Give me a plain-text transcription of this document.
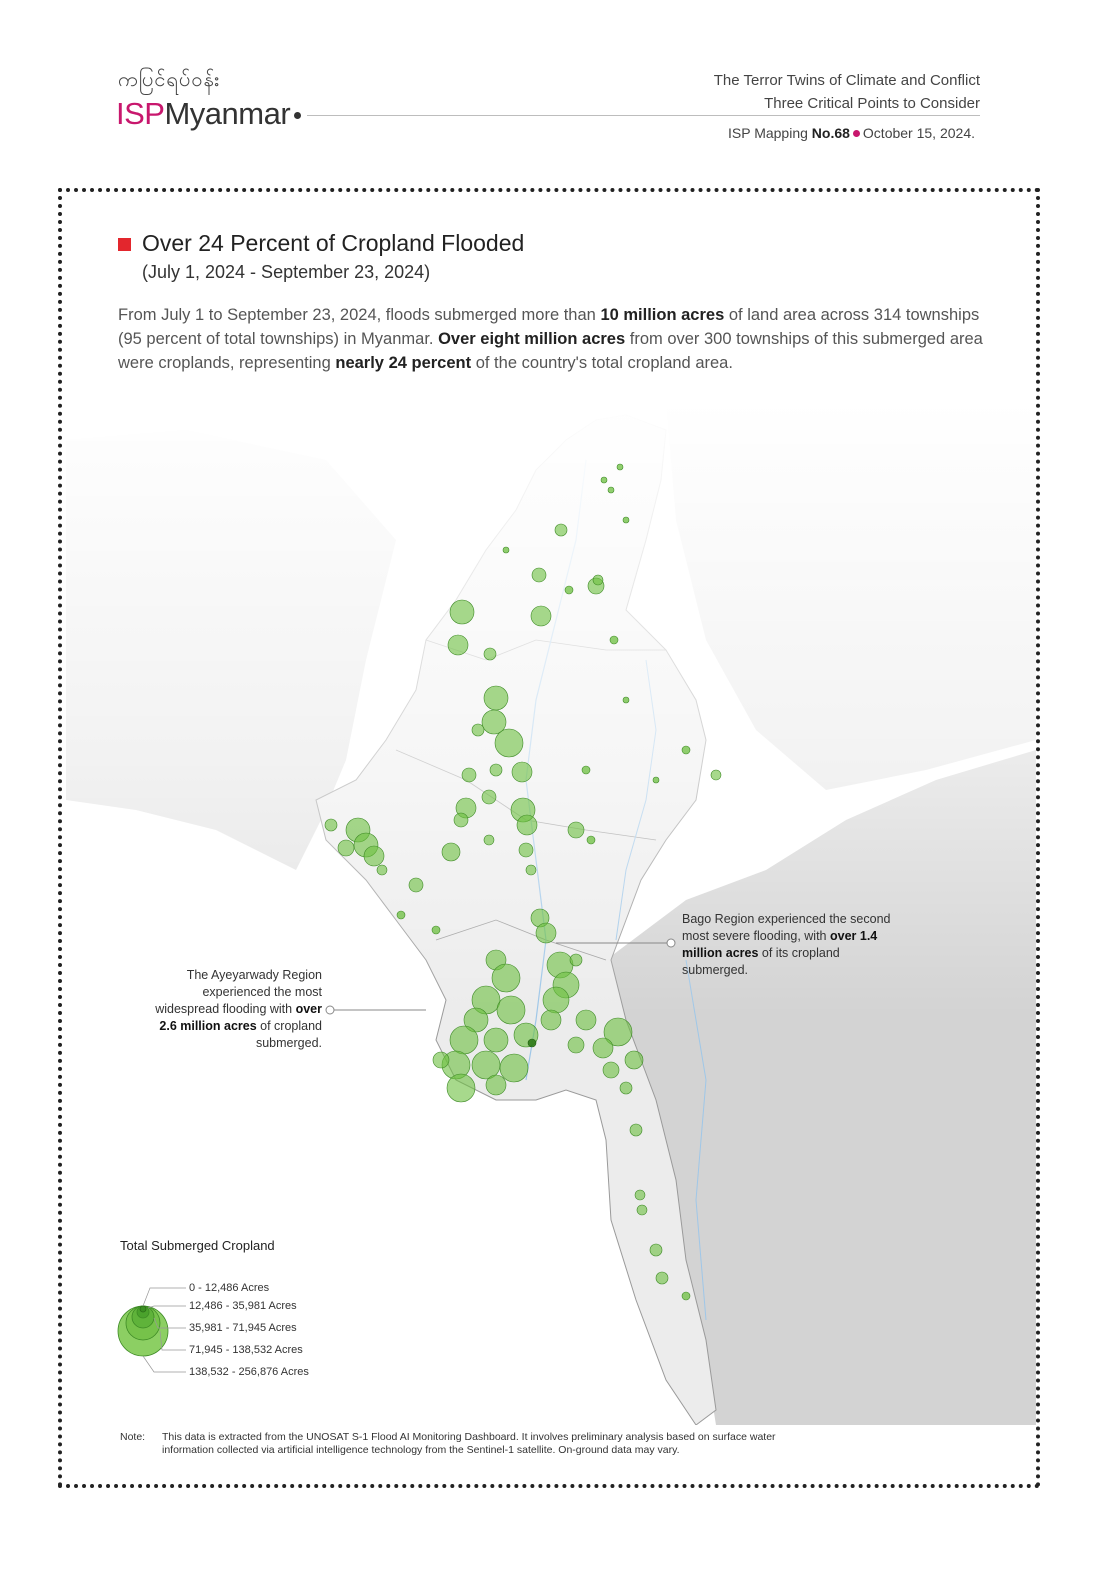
ကပြင်ရပ်ဝန်း
ISPMyanmar
The Terror Twins of Climate and Conflict
Three Critical Points to Consider
ISP Mapping No.68 October 15, 2024.
Over 24 Percent of Cropland Flooded
(July 1, 2024 - September 23, 2024)
From July 1 to September 23, 2024, floods submerged more than 10 million acres of land area across 314 townships (95 percent of total townships) in Myanmar. Over eight million acres from over 300 townships of this submerged area were croplands, representing nearly 24 percent of the country's total cropland area.
The Ayeyarwady Region experienced the most widespread flooding with over 2.6 million acres of cropland submerged.
Bago Region experienced the second most severe flooding, with over 1.4 million acres of its cropland submerged.
Total Submerged Cropland
0 - 12,486 Acres
12,486 - 35,981 Acres
35,981 - 71,945 Acres
71,945 - 138,532 Acres
138,532 - 256,876 Acres
Note: This data is extracted from the UNOSAT S-1 Flood AI Monitoring Dashboard. It involves preliminary analysis based on surface water information collected via artificial intelligence technology from the Sentinel-1 satellite. On-ground data may vary.
